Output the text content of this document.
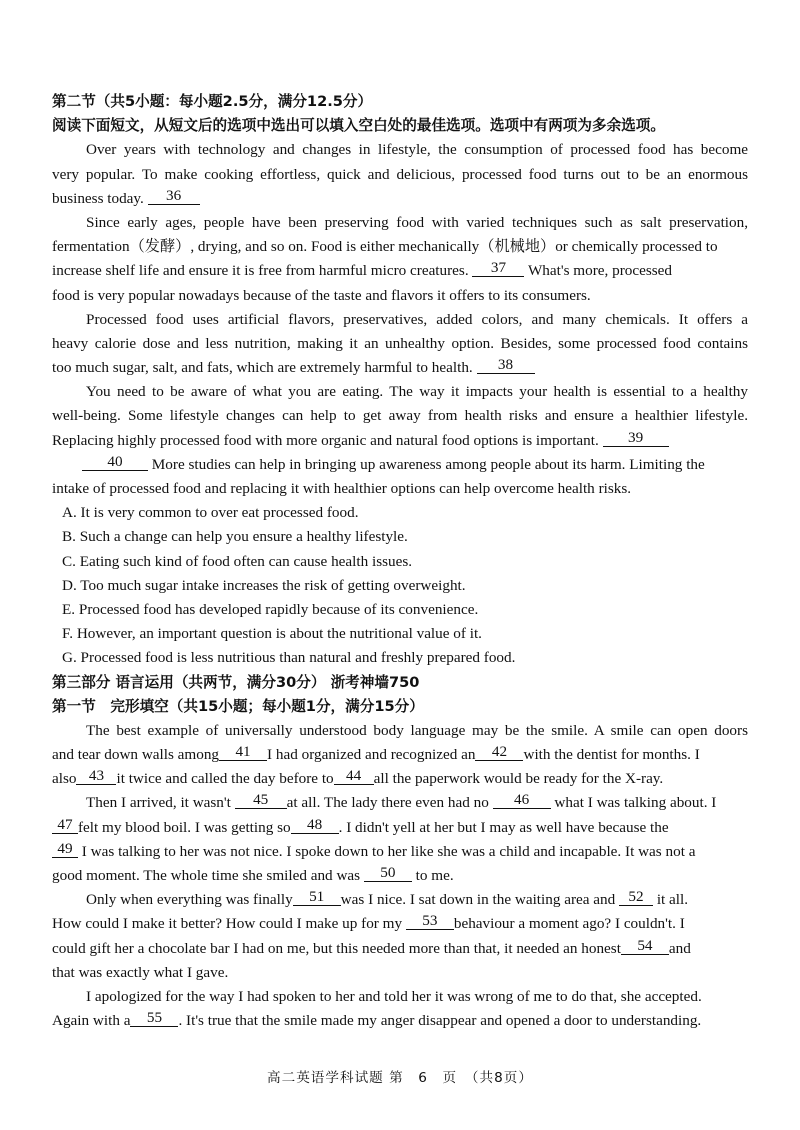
第二节（共5小题：每小题2.5分，满分12.5分）
阅读下面短文，从短文后的选项中选出可以填入空白处的最佳选项。选项中有两项为多余选项。
Over years with technology and changes in lifestyle, the consumption of processed food has become
very popular. To make cooking effortless, quick and delicious, processed food turns out to be an enormous
business today. 36
Since early ages, people have been preserving food with varied techniques such as salt preservation,
fermentation（发酵）, drying, and so on. Food is either mechanically（机械地）or chemically processed to
increase shelf life and ensure it is free from harmful micro creatures. 37 What's more, processed
food is very popular nowadays because of the taste and flavors it offers to its consumers.
Processed food uses artificial flavors, preservatives, added colors, and many chemicals. It offers a
heavy calorie dose and less nutrition, making it an unhealthy option. Besides, some processed food contains
too much sugar, salt, and fats, which are extremely harmful to health. 38
You need to be aware of what you are eating. The way it impacts your health is essential to a healthy
well-being. Some lifestyle changes can help to get away from health risks and ensure a healthier lifestyle.
Replacing highly processed food with more organic and natural food options is important. 39
40 More studies can help in bringing up awareness among people about its harm. Limiting the
intake of processed food and replacing it with healthier options can help overcome health risks.
A. It is very common to over eat processed food.
B. Such a change can help you ensure a healthy lifestyle.
C. Eating such kind of food often can cause health issues.
D. Too much sugar intake increases the risk of getting overweight.
E. Processed food has developed rapidly because of its convenience.
F. However, an important question is about the nutritional value of it.
G. Processed food is less nutritious than natural and freshly prepared food.
第三部分 语言运用（共两节，满分30分） 浙考神墙750
第一节　完形填空（共15小题；每小题1分，满分15分）
The best example of universally understood body language may be the smile. A smile can open doors
and tear down walls among 41 I had organized and recognized an 42 with the dentist for months. I
also 43 it twice and called the day before to 44 all the paperwork would be ready for the X-ray.
Then I arrived, it wasn't 45 at all. The lady there even had no 46 what I was talking about. I
47 felt my blood boil. I was getting so 48 . I didn't yell at her but I may as well have because the
49 I was talking to her was not nice. I spoke down to her like she was a child and incapable. It was not a
good moment. The whole time she smiled and was 50 to me.
Only when everything was finally 51 was I nice. I sat down in the waiting area and 52 it all.
How could I make it better? How could I make up for my 53 behaviour a moment ago? I couldn't. I
could gift her a chocolate bar I had on me, but this needed more than that, it needed an honest 54 and
that was exactly what I gave.
I apologized for the way I had spoken to her and told her it was wrong of me to do that, she accepted.
Again with a 55 . It's true that the smile made my anger disappear and opened a door to understanding.
高二英语学科试题 第　6　页　（共8页）
